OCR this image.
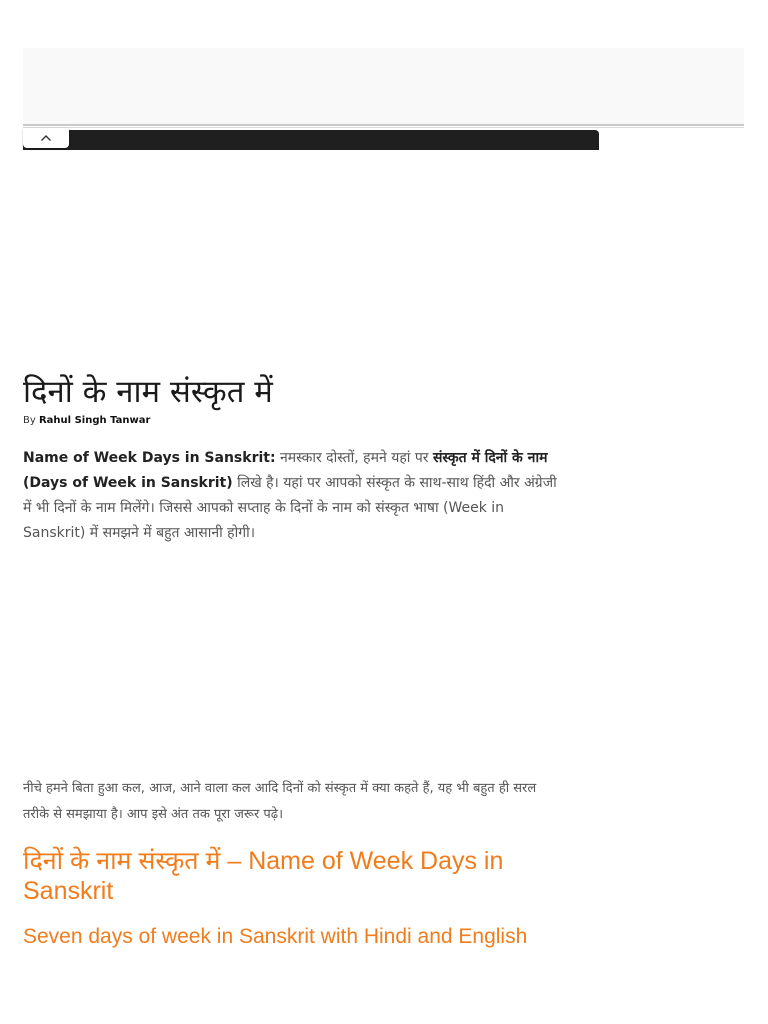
दिनों के नाम संस्कृत में

By Rahul Singh Tanwar

Name of Week Days in Sanskrit: नमस्कार दोस्तों, हमने यहां पर संस्कृत में दिनों के नाम
(Days of Week in Sanskrit) लिखे है। यहां पर आपको संस्कृत के साथ-साथ हिंदी और अंग्रेजी
में भी दिनों के नाम मिलेंगे। जिससे आपको सप्ताह के दिनों के नाम को संस्कृत भाषा (Week in
Sanskrit) में समझने में बहुत आसानी होगी।
नीचे हमने बिता हुआ कल, आज, आने वाला कल आदि दिनों को संस्कृत में क्या कहते हैं, यह भी बहुत ही सरल
तरीके से समझाया है। आप इसे अंत तक पूरा जरूर पढ़े।
दिनों के नाम संस्कृत में – Name of Week Days in Sanskrit
Seven days of week in Sanskrit with Hindi and English
